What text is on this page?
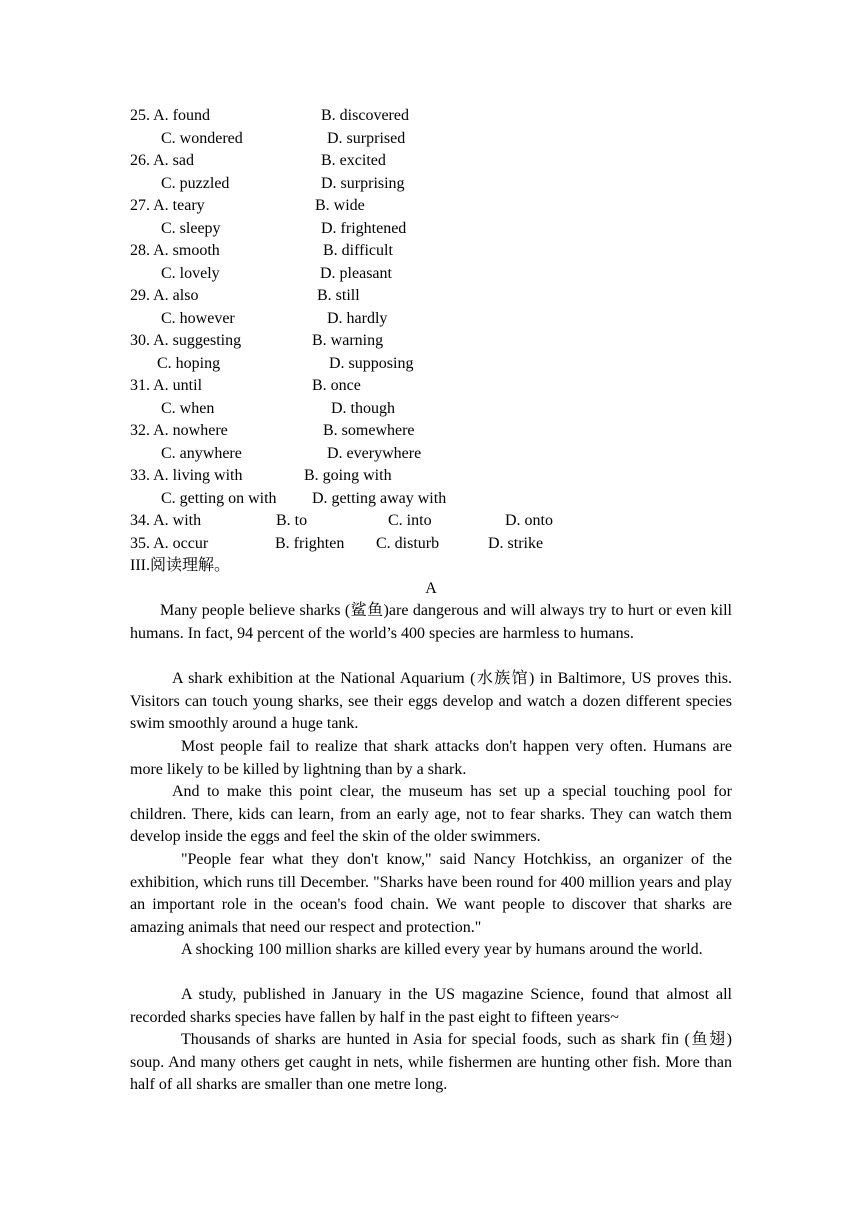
25. A. found	B. discovered
C. wondered	D. surprised
26. A. sad	B. excited
C. puzzled	D. surprising
27. A. teary	B. wide
C. sleepy	D. frightened
28. A. smooth	B. difficult
C. lovely	D. pleasant
29. A. also	B. still
C. however	D. hardly
30. A. suggesting	B. warning
C. hoping	D. supposing
31. A. until	B. once
C. when	D. though
32. A. nowhere	B. somewhere
C. anywhere	D. everywhere
33. A. living with	B. going with
C. getting on with D. getting away with
34. A. with	B. to	C. into	D. onto
35. A. occur	B. frighten C. disturb	D. strike
III.阅读理解。
A
Many people believe sharks (鲨鱼)are dangerous and will always try to hurt or even kill humans. In fact, 94 percent of the world’s 400 species are harmless to humans.
A shark exhibition at the National Aquarium (水族馆) in Baltimore, US proves this. Visitors can touch young sharks, see their eggs develop and watch a dozen different species swim smoothly around a huge tank.
Most people fail to realize that shark attacks don't happen very often. Humans are more likely to be killed by lightning than by a shark.
And to make this point clear, the museum has set up a special touching pool for children. There, kids can learn, from an early age, not to fear sharks. They can watch them develop inside the eggs and feel the skin of the older swimmers.
"People fear what they don't know," said Nancy Hotchkiss, an organizer of the exhibition, which runs till December. "Sharks have been round for 400 million years and play an important role in the ocean's food chain. We want people to discover that sharks are amazing animals that need our respect and protection."
A shocking 100 million sharks are killed every year by humans around the world.
A study, published in January in the US magazine Science, found that almost all recorded sharks species have fallen by half in the past eight to fifteen years~
Thousands of sharks are hunted in Asia for special foods, such as shark fin (鱼翅) soup. And many others get caught in nets, while fishermen are hunting other fish. More than half of all sharks are smaller than one metre long.
